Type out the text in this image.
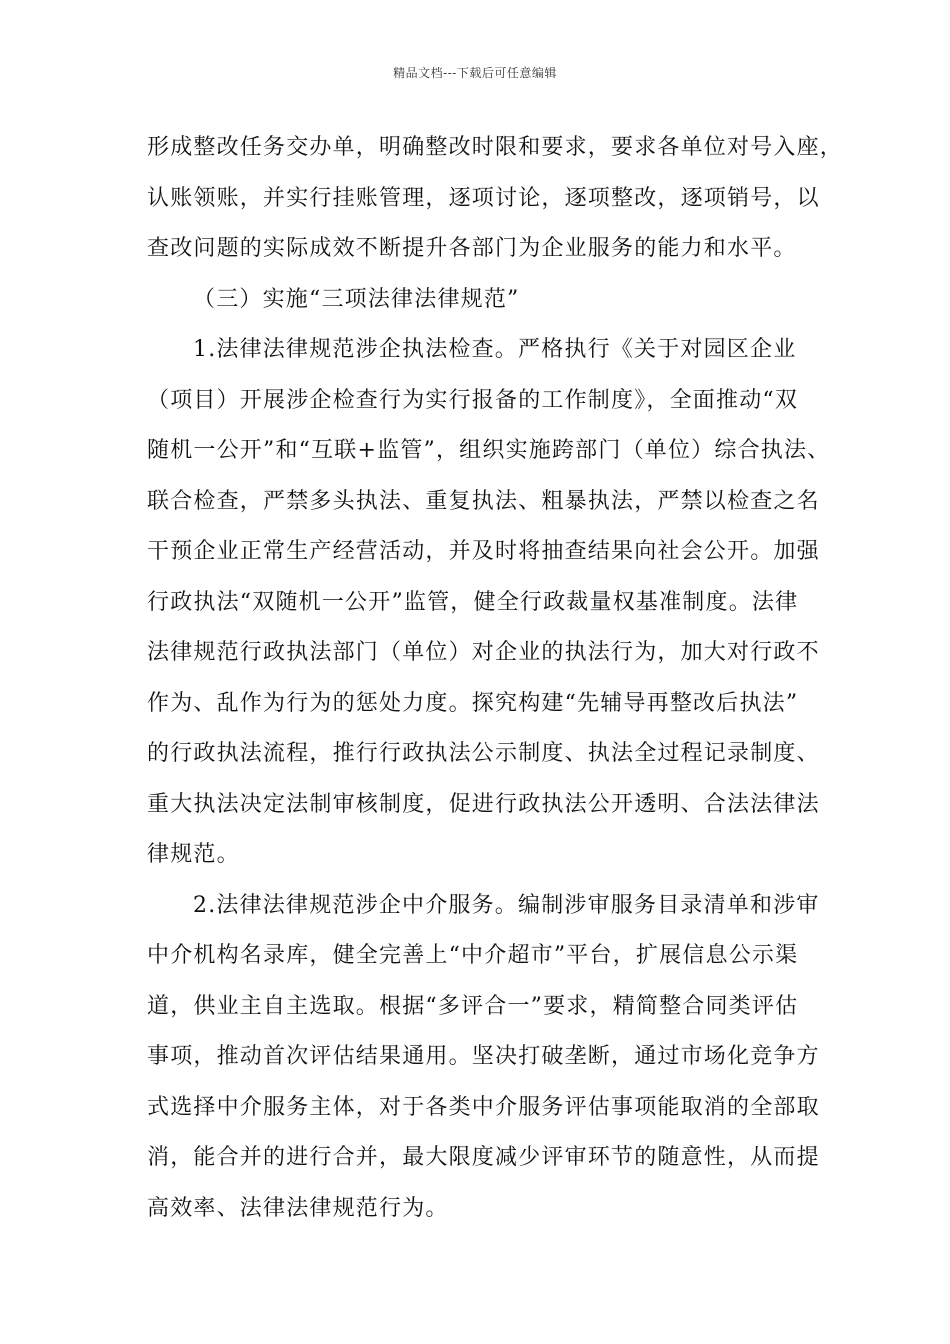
精品文档---下载后可任意编辑
形成整改任务交办单，明确整改时限和要求，要求各单位对号入座，
认账领账，并实行挂账管理，逐项讨论，逐项整改，逐项销号，以
查改问题的实际成效不断提升各部门为企业服务的能力和水平。
（三）实施“三项法律法律规范”
1.法律法律规范涉企执法检查。严格执行《关于对园区企业
（项目）开展涉企检查行为实行报备的工作制度》，全面推动“双
随机一公开”和“互联+监管”，组织实施跨部门（单位）综合执法、
联合检查，严禁多头执法、重复执法、粗暴执法，严禁以检查之名
干预企业正常生产经营活动，并及时将抽查结果向社会公开。加强
行政执法“双随机一公开”监管，健全行政裁量权基准制度。法律
法律规范行政执法部门（单位）对企业的执法行为，加大对行政不
作为、乱作为行为的惩处力度。探究构建“先辅导再整改后执法”
的行政执法流程，推行行政执法公示制度、执法全过程记录制度、
重大执法决定法制审核制度，促进行政执法公开透明、合法法律法
律规范。
2.法律法律规范涉企中介服务。编制涉审服务目录清单和涉审
中介机构名录库，健全完善上“中介超市”平台，扩展信息公示渠
道，供业主自主选取。根据“多评合一”要求，精简整合同类评估
事项，推动首次评估结果通用。坚决打破垄断，通过市场化竞争方
式选择中介服务主体，对于各类中介服务评估事项能取消的全部取
消，能合并的进行合并，最大限度减少评审环节的随意性，从而提
高效率、法律法律规范行为。
